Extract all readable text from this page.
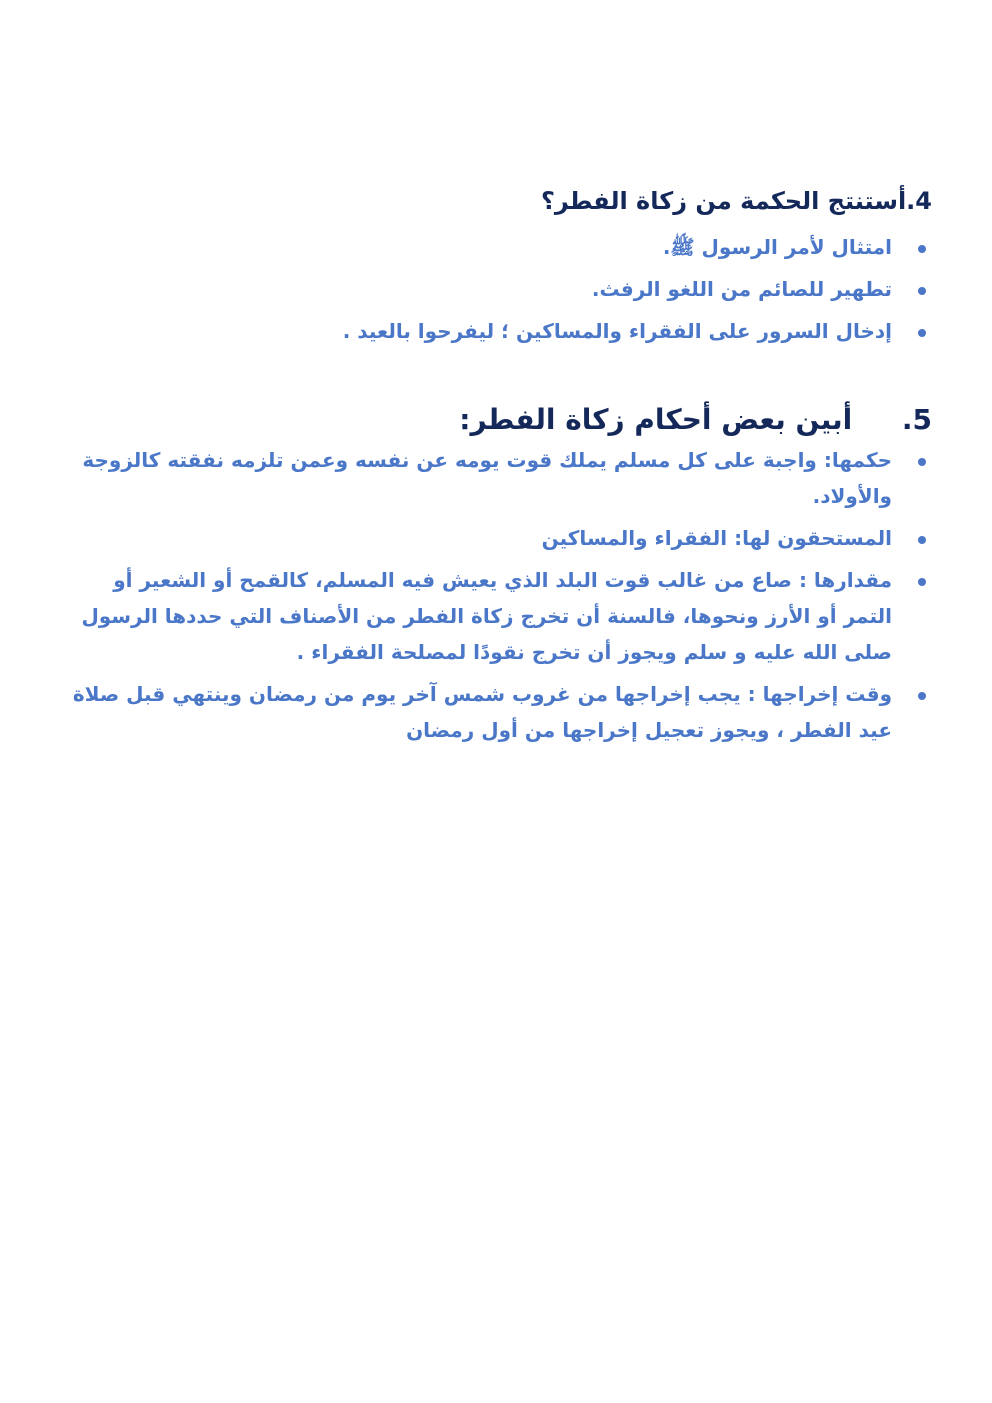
4.أستنتج الحكمة من زكاة الفطر؟
امتثال لأمر الرسول ﷺ.
تطهير للصائم من اللغو الرفث.
إدخال السرور على الفقراء والمساكين ؛ ليفرحوا بالعيد .
5. أبين بعض أحكام زكاة الفطر:
حكمها: واجبة على كل مسلم يملك قوت يومه عن نفسه وعمن تلزمه نفقته كالزوجة والأولاد.
المستحقون لها: الفقراء والمساكين
مقدارها : صاع من غالب قوت البلد الذي يعيش فيه المسلم، كالقمح أو الشعير أو التمر أو الأرز ونحوها، فالسنة أن تخرج زكاة الفطر من الأصناف التي حددها الرسول صلى الله عليه و سلم ويجوز أن تخرج نقودًا لمصلحة الفقراء .
وقت إخراجها : يجب إخراجها من غروب شمس آخر يوم من رمضان وينتهي قبل صلاة عيد الفطر ، ويجوز تعجيل إخراجها من أول رمضان
